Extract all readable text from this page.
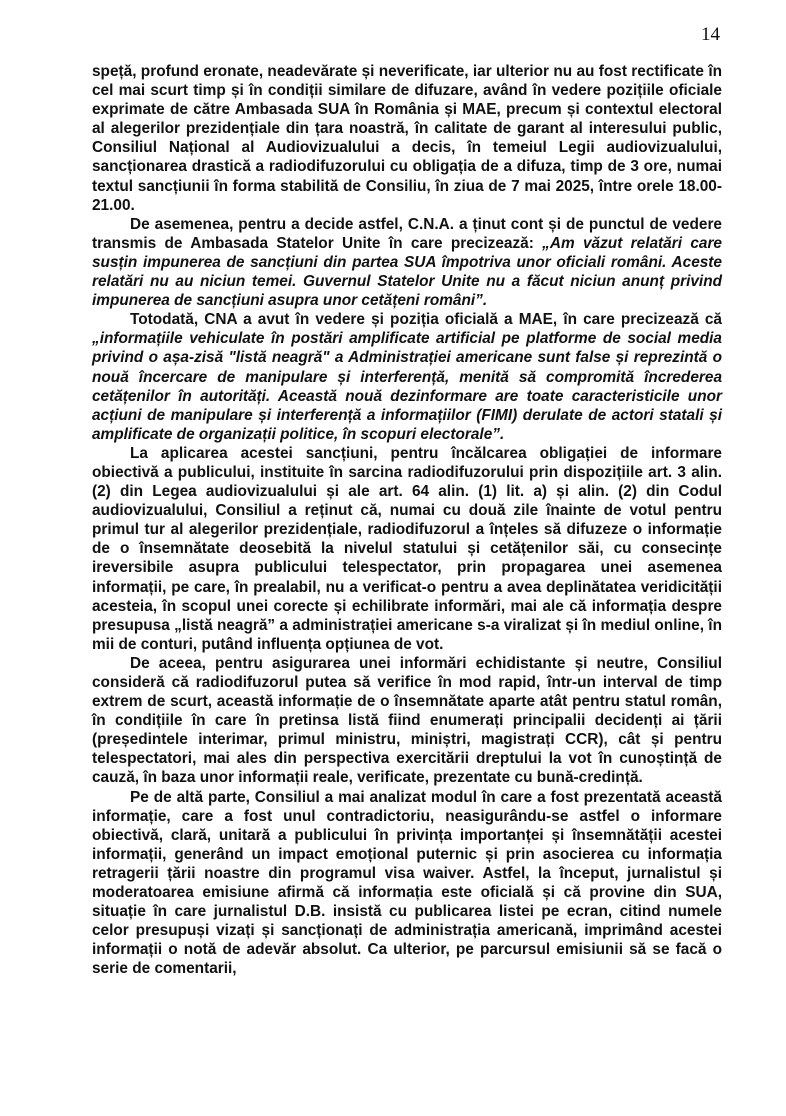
14

speță, profund eronate, neadevărate și neverificate, iar ulterior nu au fost rectificate în cel mai scurt timp și în condiții similare de difuzare, având în vedere pozițiile oficiale exprimate de către Ambasada SUA în România și MAE, precum și contextul electoral al alegerilor prezidențiale din țara noastră, în calitate de garant al interesului public, Consiliul Național al Audiovizualului a decis, în temeiul Legii audiovizualului, sancționarea drastică a radiodifuzorului cu obligația de a difuza, timp de 3 ore, numai textul sancțiunii în forma stabilită de Consiliu, în ziua de 7 mai 2025, între orele 18.00-21.00.

De asemenea, pentru a decide astfel, C.N.A. a ținut cont și de punctul de vedere transmis de Ambasada Statelor Unite în care precizează: „Am văzut relatări care susțin impunerea de sancțiuni din partea SUA împotriva unor oficiali români. Aceste relatări nu au niciun temei. Guvernul Statelor Unite nu a făcut niciun anunț privind impunerea de sancțiuni asupra unor cetățeni români”.

Totodată, CNA a avut în vedere și poziția oficială a MAE, în care precizează că „informațiile vehiculate în postări amplificate artificial pe platforme de social media privind o așa-zisă "listă neagră" a Administrației americane sunt false și reprezintă o nouă încercare de manipulare și interferență, menită să compromită încrederea cetățenilor în autorități. Această nouă dezinformare are toate caracteristicile unor acțiuni de manipulare și interferență a informațiilor (FIMI) derulate de actori statali și amplificate de organizații politice, în scopuri electorale”.

La aplicarea acestei sancțiuni, pentru încălcarea obligației de informare obiectivă a publicului, instituite în sarcina radiodifuzorului prin dispozițiile art. 3 alin. (2) din Legea audiovizualului și ale art. 64 alin. (1) lit. a) și alin. (2) din Codul audiovizualului, Consiliul a reținut că, numai cu două zile înainte de votul pentru primul tur al alegerilor prezidențiale, radiodifuzorul a înțeles să difuzeze o informație de o însemnătate deosebită la nivelul statului și cetățenilor săi, cu consecințe ireversibile asupra publicului telespectator, prin propagarea unei asemenea informații, pe care, în prealabil, nu a verificat-o pentru a avea deplinătatea veridicității acesteia, în scopul unei corecte și echilibrate informări, mai ale că informația despre presupusa „listă neagră” a administrației americane s-a viralizat și în mediul online, în mii de conturi, putând influența opțiunea de vot.

De aceea, pentru asigurarea unei informări echidistante și neutre, Consiliul consideră că radiodifuzorul putea să verifice în mod rapid, într-un interval de timp extrem de scurt, această informație de o însemnătate aparte atât pentru statul român, în condițiile în care în pretinsa listă fiind enumerați principalii decidenți ai țării (președintele interimar, primul ministru, miniștri, magistrați CCR), cât și pentru telespectatori, mai ales din perspectiva exercitării dreptului la vot în cunoștință de cauză, în baza unor informații reale, verificate, prezentate cu bună-credință.

Pe de altă parte, Consiliul a mai analizat modul în care a fost prezentată această informație, care a fost unul contradictoriu, neasigurându-se astfel o informare obiectivă, clară, unitară a publicului în privința importanței și însemnătății acestei informații, generând un impact emoțional puternic și prin asocierea cu informația retragerii țării noastre din programul visa waiver. Astfel, la început, jurnalistul și moderatoarea emisiune afirmă că informația este oficială și că provine din SUA, situație în care jurnalistul D.B. insistă cu publicarea listei pe ecran, citind numele celor presupuși vizați și sancționați de administrația americană, imprimând acestei informații o notă de adevăr absolut. Ca ulterior, pe parcursul emisiunii să se facă o serie de comentarii,
